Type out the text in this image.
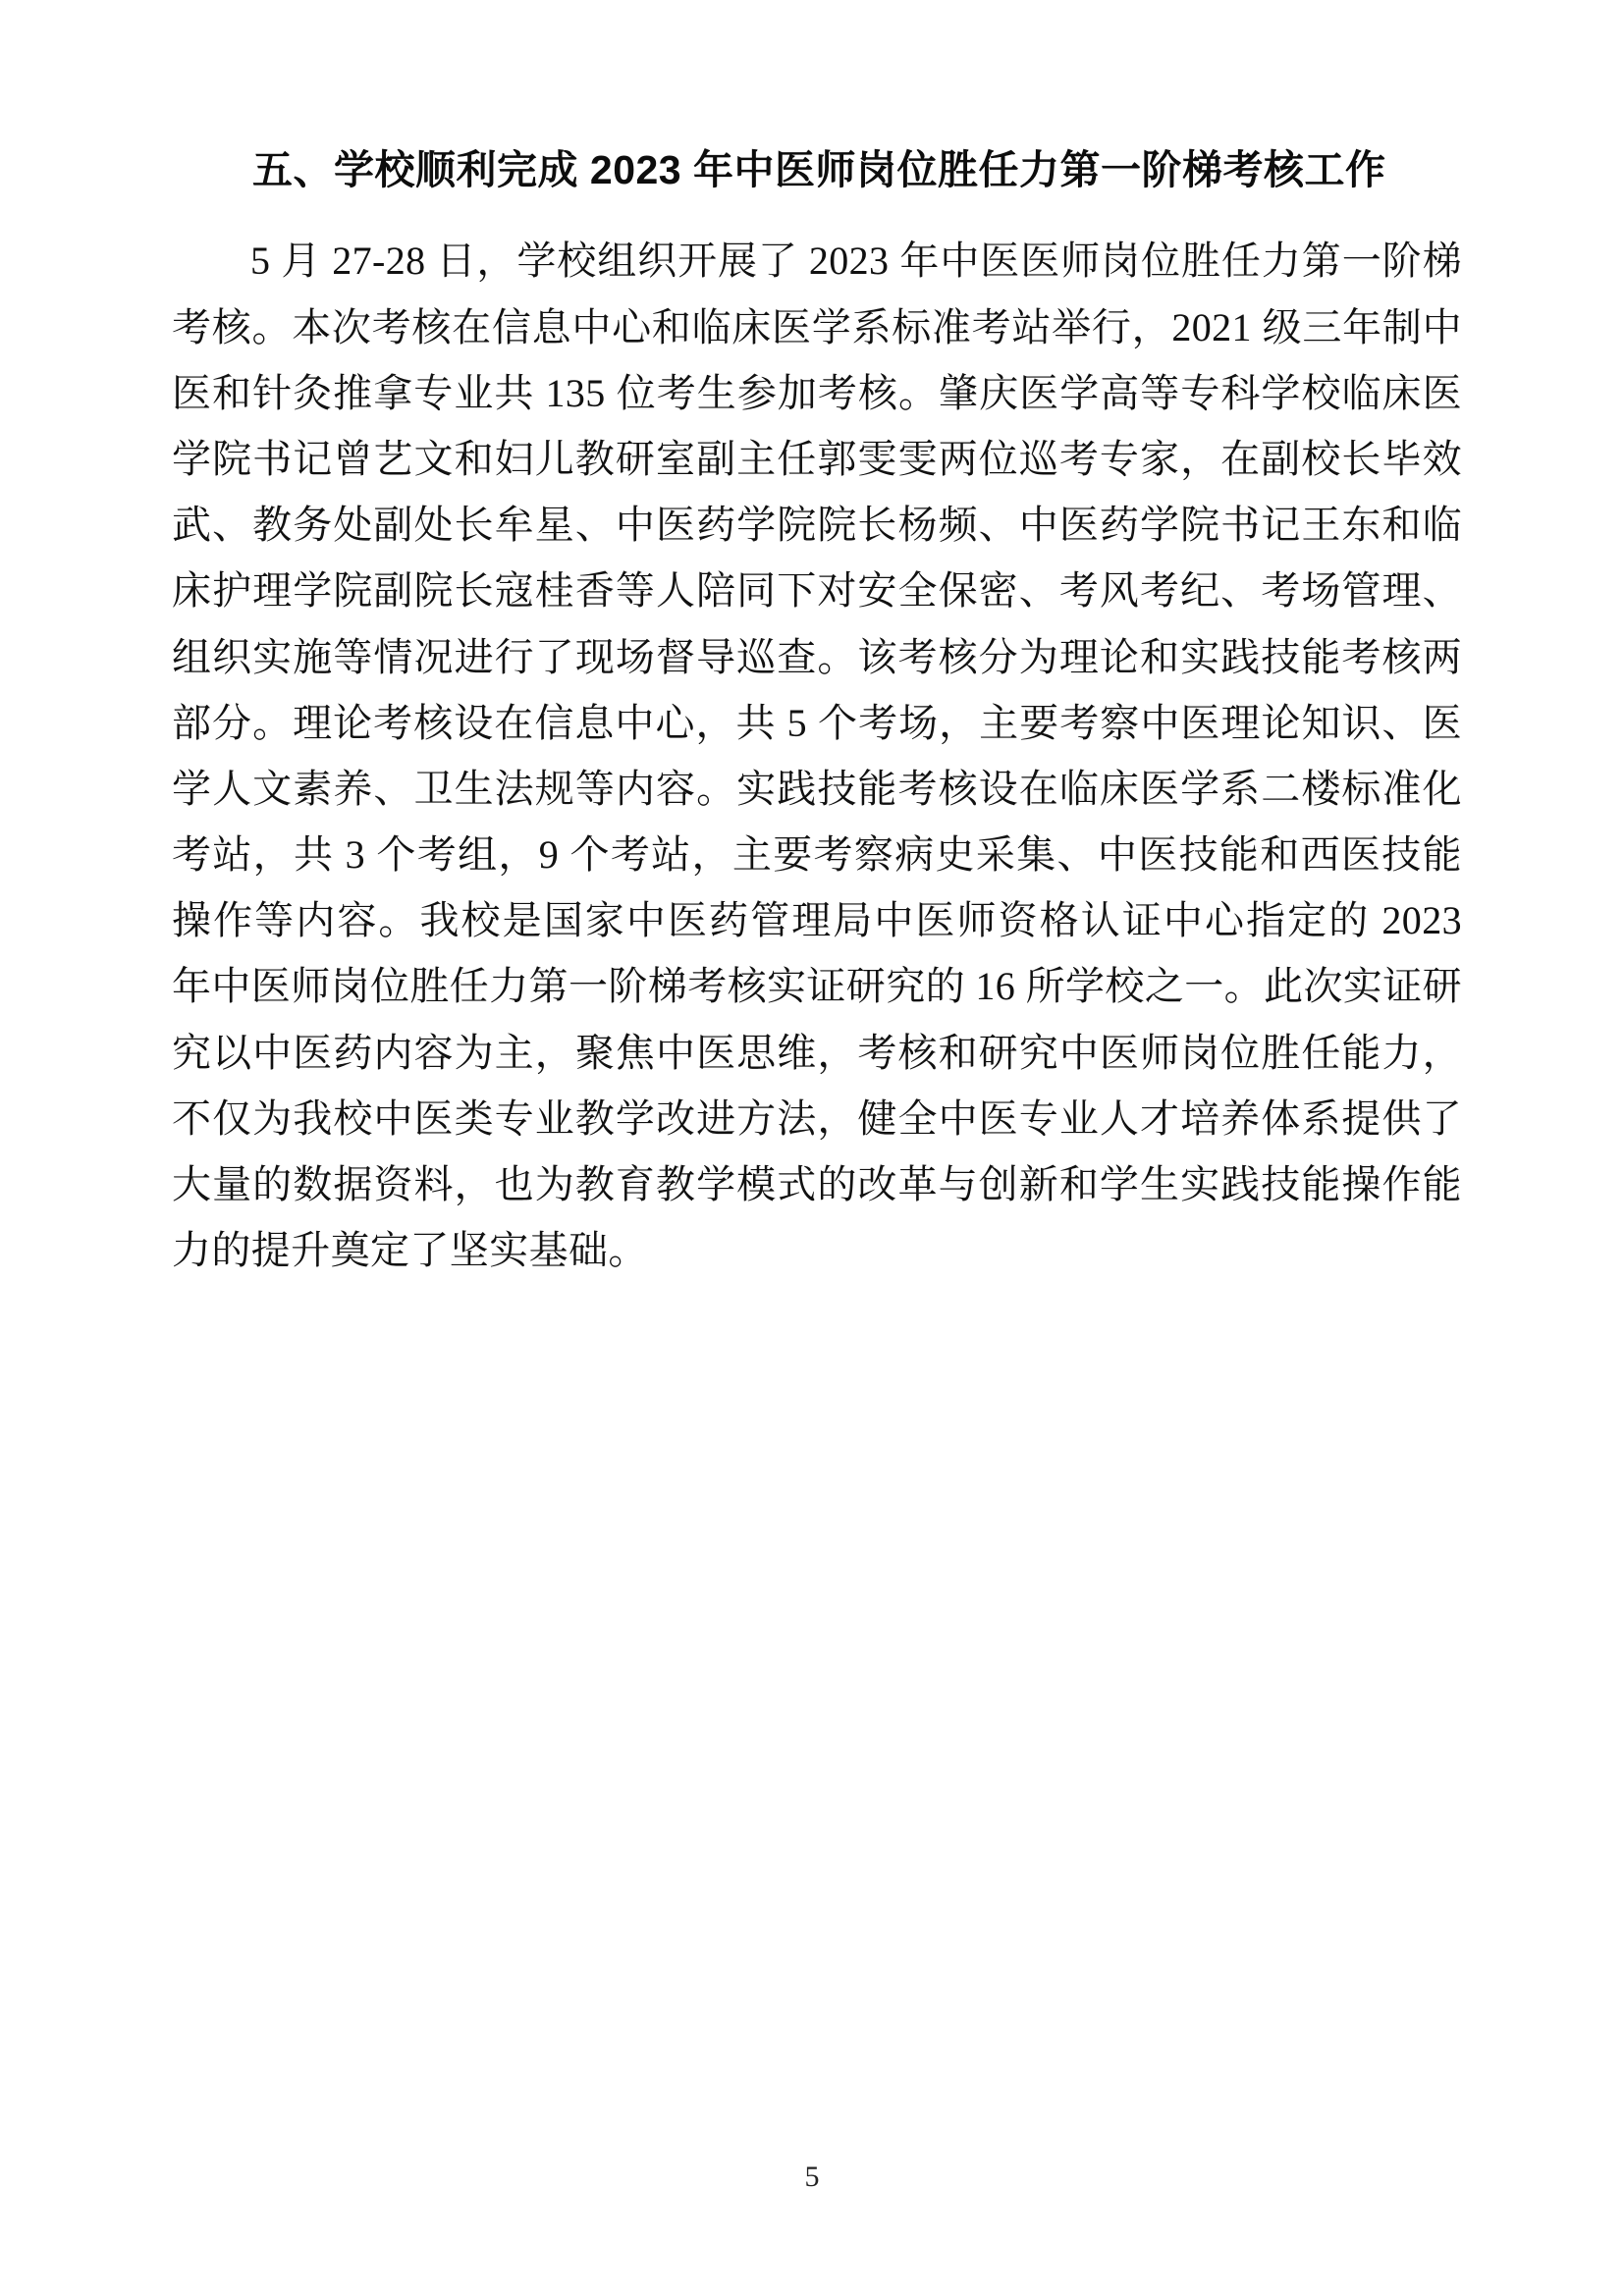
五、学校顺利完成 2023 年中医师岗位胜任力第一阶梯考核工作

5 月 27-28 日，学校组织开展了 2023 年中医医师岗位胜任力第一阶梯考核。本次考核在信息中心和临床医学系标准考站举行，2021 级三年制中医和针灸推拿专业共 135 位考生参加考核。肇庆医学高等专科学校临床医学院书记曾艺文和妇儿教研室副主任郭雯雯两位巡考专家，在副校长毕效武、教务处副处长牟星、中医药学院院长杨频、中医药学院书记王东和临床护理学院副院长寇桂香等人陪同下对安全保密、考风考纪、考场管理、组织实施等情况进行了现场督导巡查。该考核分为理论和实践技能考核两部分。理论考核设在信息中心，共 5 个考场，主要考察中医理论知识、医学人文素养、卫生法规等内容。实践技能考核设在临床医学系二楼标准化考站，共 3 个考组，9 个考站，主要考察病史采集、中医技能和西医技能操作等内容。我校是国家中医药管理局中医师资格认证中心指定的 2023 年中医师岗位胜任力第一阶梯考核实证研究的 16 所学校之一。此次实证研究以中医药内容为主，聚焦中医思维，考核和研究中医师岗位胜任能力，不仅为我校中医类专业教学改进方法，健全中医专业人才培养体系提供了大量的数据资料，也为教育教学模式的改革与创新和学生实践技能操作能力的提升奠定了坚实基础。

5
